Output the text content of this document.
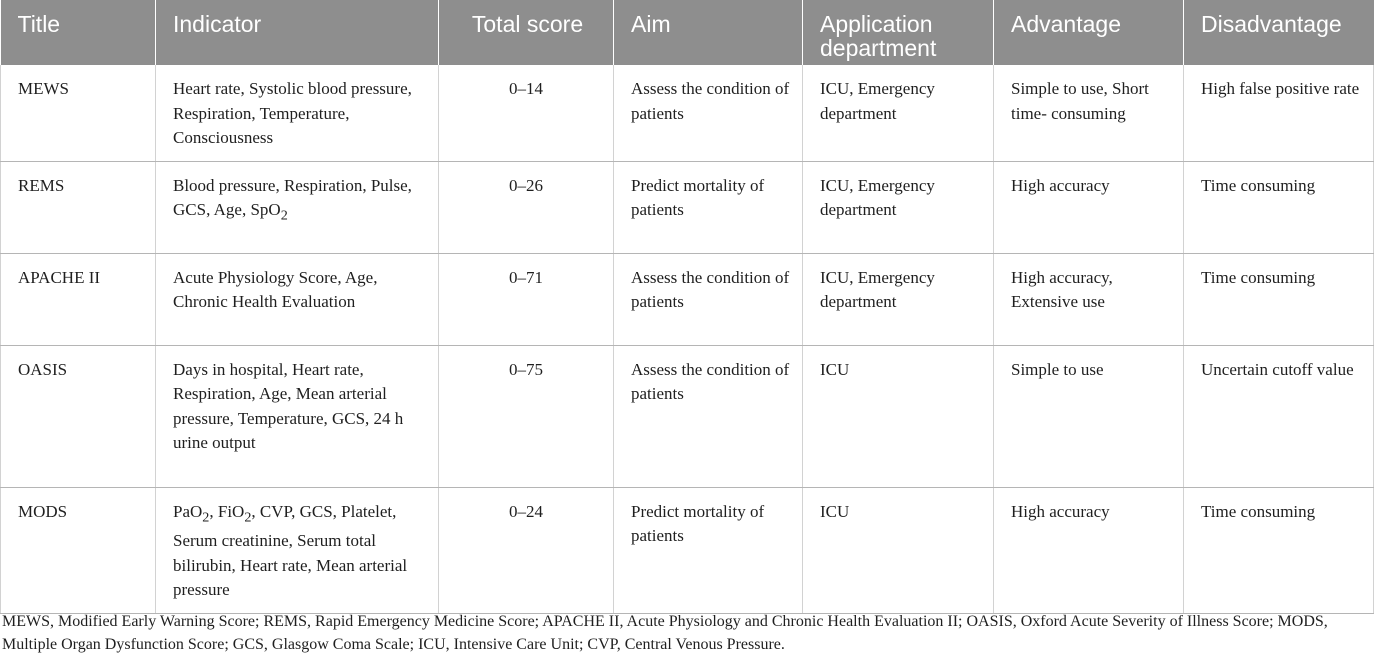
Title	Indicator	Total score	Aim	Application department	Advantage	Disadvantage
MEWS	Heart rate, Systolic blood pressure, Respiration, Temperature, Consciousness	0–14	Assess the condition of patients	ICU, Emergency department	Simple to use, Short time- consuming	High false positive rate
REMS	Blood pressure, Respiration, Pulse, GCS, Age, SpO$_2$	0–26	Predict mortality of patients	ICU, Emergency department	High accuracy	Time consuming
APACHE II	Acute Physiology Score, Age, Chronic Health Evaluation	0–71	Assess the condition of patients	ICU, Emergency department	High accuracy, Extensive use	Time consuming
OASIS	Days in hospital, Heart rate, Respiration, Age, Mean arterial pressure, Temperature, GCS, 24 h urine output	0–75	Assess the condition of patients	ICU	Simple to use	Uncertain cutoff value
MODS	PaO$_2$, FiO$_2$, CVP, GCS, Platelet, Serum creatinine, Serum total bilirubin, Heart rate, Mean arterial pressure	0–24	Predict mortality of patients	ICU	High accuracy	Time consuming
MEWS, Modified Early Warning Score; REMS, Rapid Emergency Medicine Score; APACHE II, Acute Physiology and Chronic Health Evaluation II; OASIS, Oxford Acute Severity of Illness Score; MODS, Multiple Organ Dysfunction Score; GCS, Glasgow Coma Scale; ICU, Intensive Care Unit; CVP, Central Venous Pressure.
